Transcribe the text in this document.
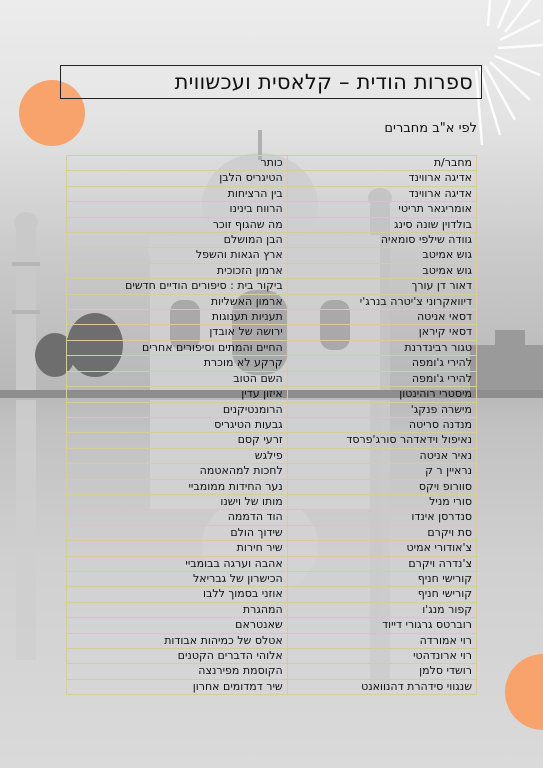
ספרות הודית – קלאסית ועכשווית
לפי א"ב מחברים
מחבר/ת	כותר
אדיגה ארווינד	הטיגריס הלבן
אדיגה ארווינד	בין הרציחות
אומריגאר תריטי	הרווח בינינו
בולדוין שונה סינג	מה שהגוף זוכר
גוודה שילפי סומאיה	הבן המושלם
גוש אמיטב	ארץ הגאות והשפל
גוש אמיטב	ארמון הזכוכית
דאור דן עורך	ביקור בית : סיפורים הודיים חדשים
דיוואקרוני צ'יטרה בנרג'י	ארמון האשליות
דסאי אניטה	תעניות תענוגות
דסאי קיראן	ירושה של אובדן
טגור רבינדרנת	החיים והמתים וסיפורים אחרים
להירי ג'ומפה	קרקע לא מוכרת
להירי ג'ומפה	השם הטוב
מיסטרי רוהינטון	איזון עדין
מישרה פנקג'	הרומנטיקנים
מנדנה סריטה	גבעות הטיגריס
נאיפול וידאדהר סורג'פרסד	זרעי קסם
נאיר אניטה	פילגש
נראיין ר ק	לחכות למהאטמה
סוורופ ויקס	נער החידות ממומביי
סורי מניל	מותו של וישנו
סנדרסן אינדו	הוד הדממה
סת ויקרם	שידוך הולם
צ'אודורי אמיט	שיר חירות
צ'נדרה ויקרם	אהבה וערגה בבומביי
קורישי חניף	הכישרון של גבריאל
קורישי חניף	אוזני בסמוך ללבו
קפור מנג'ו	המהגרת
רוברטס גרגורי דייוד	שאנטראם
רוי אמורדה	אטלס של כמיהות אבודות
רוי ארונדהטי	אלוהי הדברים הקטנים
רושדי סלמן	הקוסמת מפירנצה
שנגווי סידהרת דהנוואנט	שיר דמדומים אחרון
